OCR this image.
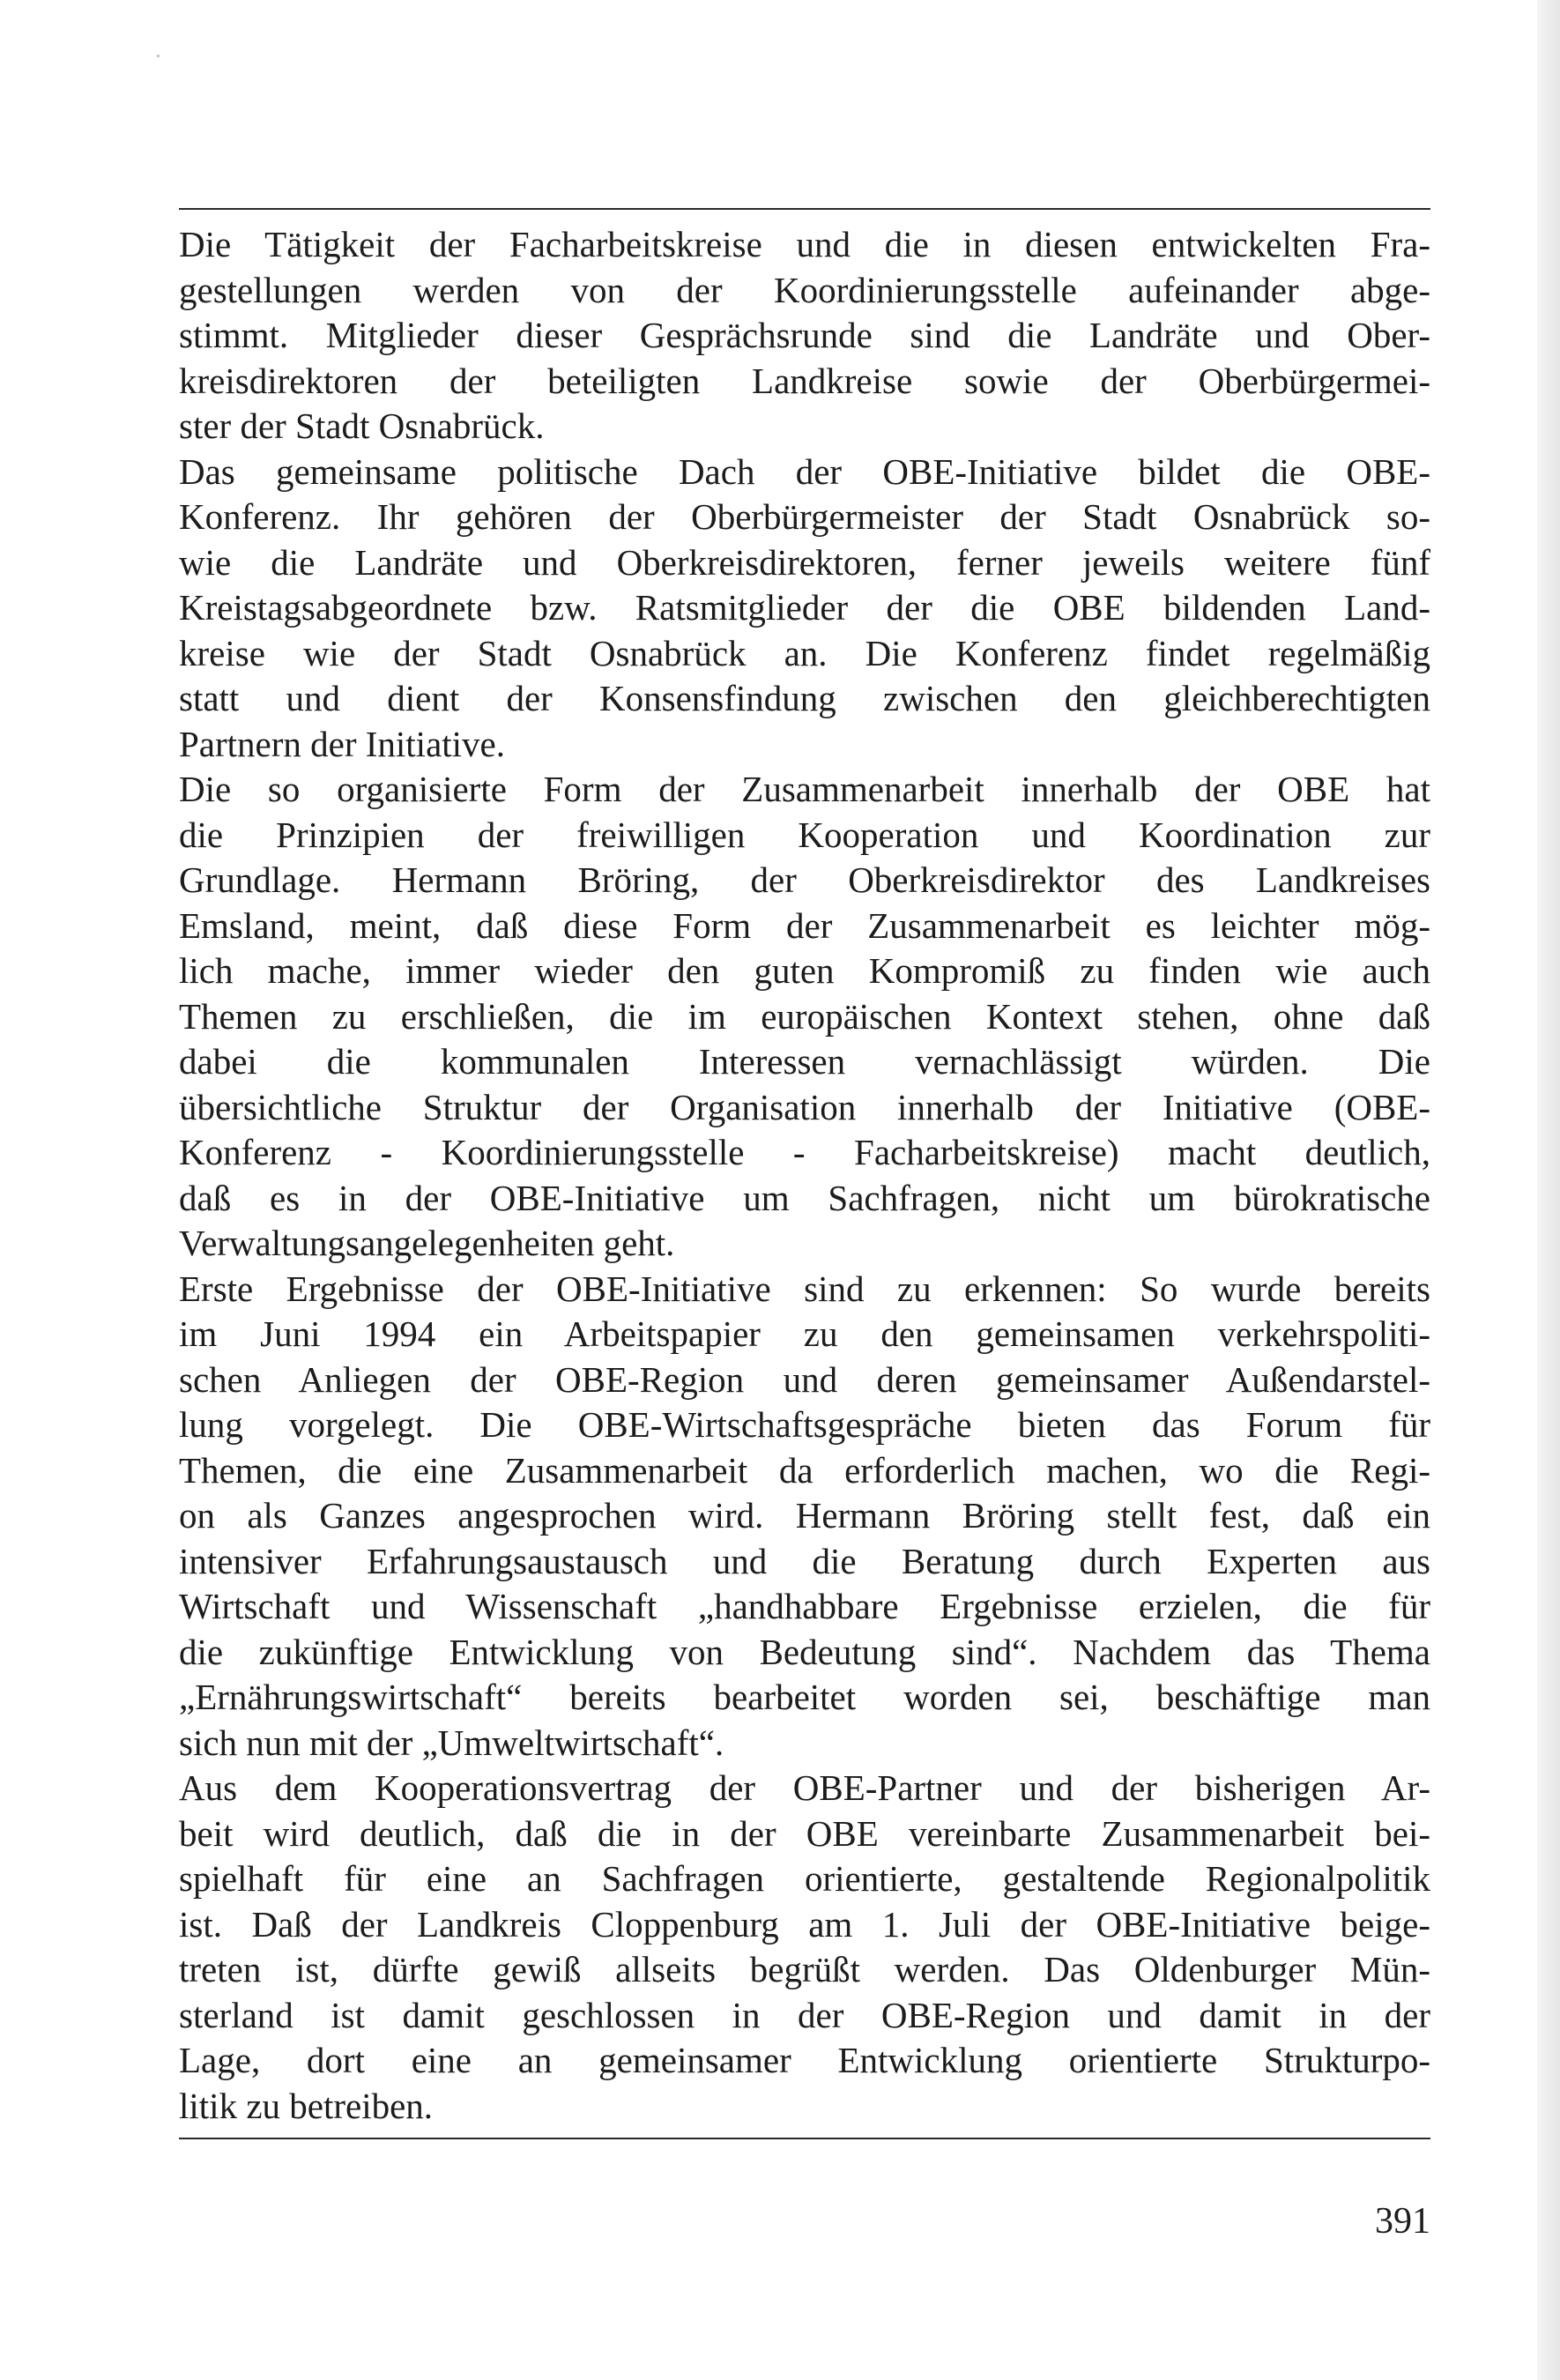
Die Tätigkeit der Facharbeitskreise und die in diesen entwickelten Fra-
gestellungen werden von der Koordinierungsstelle aufeinander abge-
stimmt. Mitglieder dieser Gesprächsrunde sind die Landräte und Ober-
kreisdirektoren der beteiligten Landkreise sowie der Oberbürgermei-
ster der Stadt Osnabrück.
Das gemeinsame politische Dach der OBE-Initiative bildet die OBE-
Konferenz. Ihr gehören der Oberbürgermeister der Stadt Osnabrück so-
wie die Landräte und Oberkreisdirektoren, ferner jeweils weitere fünf
Kreistagsabgeordnete bzw. Ratsmitglieder der die OBE bildenden Land-
kreise wie der Stadt Osnabrück an. Die Konferenz findet regelmäßig
statt und dient der Konsensfindung zwischen den gleichberechtigten
Partnern der Initiative.
Die so organisierte Form der Zusammenarbeit innerhalb der OBE hat
die Prinzipien der freiwilligen Kooperation und Koordination zur
Grundlage. Hermann Bröring, der Oberkreisdirektor des Landkreises
Emsland, meint, daß diese Form der Zusammenarbeit es leichter mög-
lich mache, immer wieder den guten Kompromiß zu finden wie auch
Themen zu erschließen, die im europäischen Kontext stehen, ohne daß
dabei die kommunalen Interessen vernachlässigt würden. Die
übersichtliche Struktur der Organisation innerhalb der Initiative (OBE-
Konferenz - Koordinierungsstelle - Facharbeitskreise) macht deutlich,
daß es in der OBE-Initiative um Sachfragen, nicht um bürokratische
Verwaltungsangelegenheiten geht.
Erste Ergebnisse der OBE-Initiative sind zu erkennen: So wurde bereits
im Juni 1994 ein Arbeitspapier zu den gemeinsamen verkehrspoliti-
schen Anliegen der OBE-Region und deren gemeinsamer Außendarstel-
lung vorgelegt. Die OBE-Wirtschaftsgespräche bieten das Forum für
Themen, die eine Zusammenarbeit da erforderlich machen, wo die Regi-
on als Ganzes angesprochen wird. Hermann Bröring stellt fest, daß ein
intensiver Erfahrungsaustausch und die Beratung durch Experten aus
Wirtschaft und Wissenschaft „handhabbare Ergebnisse erzielen, die für
die zukünftige Entwicklung von Bedeutung sind“. Nachdem das Thema
„Ernährungswirtschaft“ bereits bearbeitet worden sei, beschäftige man
sich nun mit der „Umweltwirtschaft“.
Aus dem Kooperationsvertrag der OBE-Partner und der bisherigen Ar-
beit wird deutlich, daß die in der OBE vereinbarte Zusammenarbeit bei-
spielhaft für eine an Sachfragen orientierte, gestaltende Regionalpolitik
ist. Daß der Landkreis Cloppenburg am 1. Juli der OBE-Initiative beige-
treten ist, dürfte gewiß allseits begrüßt werden. Das Oldenburger Mün-
sterland ist damit geschlossen in der OBE-Region und damit in der
Lage, dort eine an gemeinsamer Entwicklung orientierte Strukturpo-
litik zu betreiben.
391
